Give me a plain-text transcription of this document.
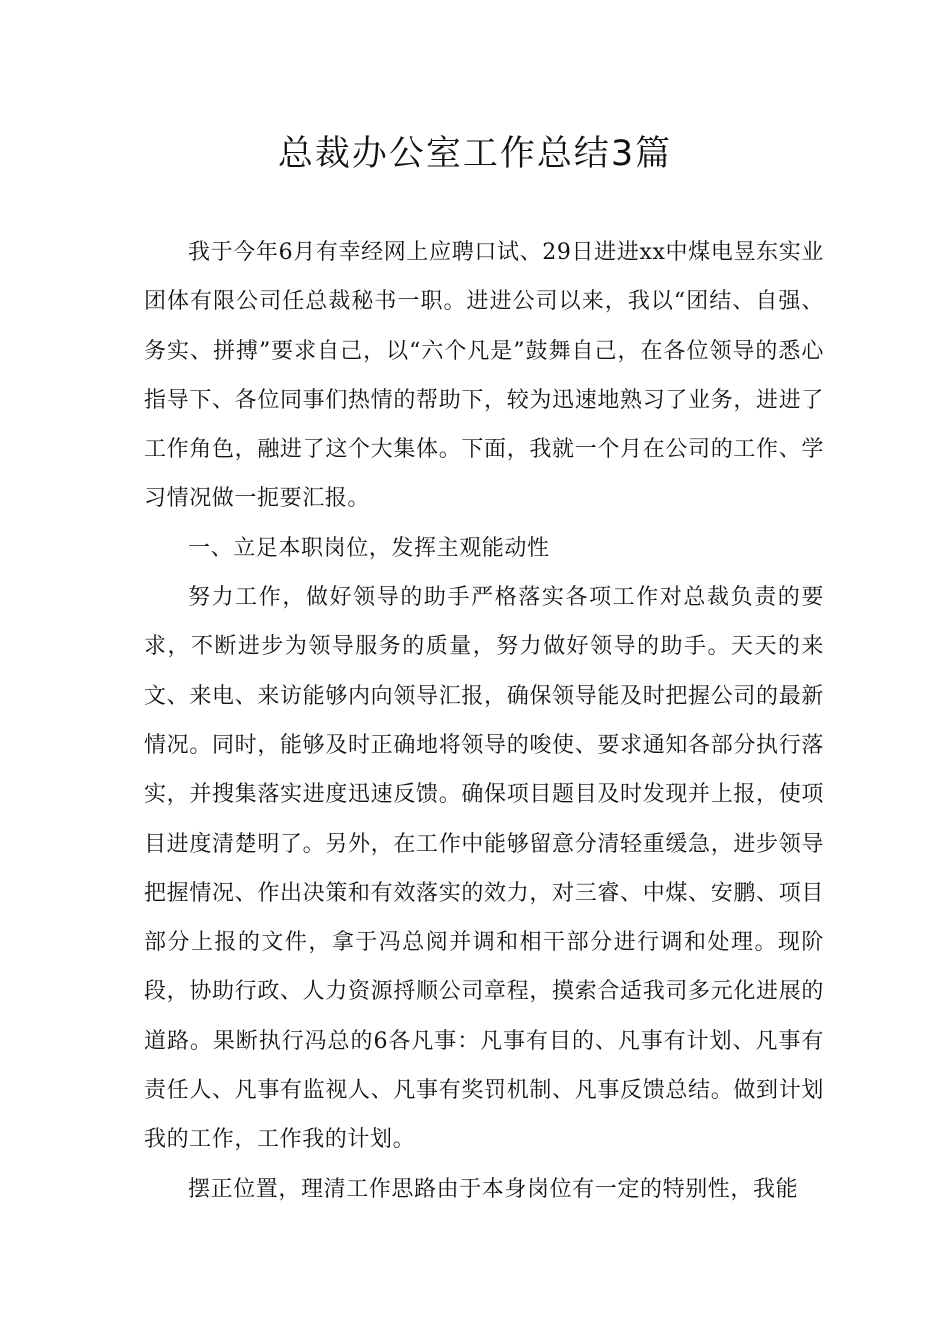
总裁办公室工作总结3篇

我于今年6月有幸经网上应聘口试、29日进进xx中煤电昱东实业团体有限公司任总裁秘书一职。进进公司以来，我以“团结、自强、务实、拼搏”要求自己，以“六个凡是”鼓舞自己，在各位领导的悉心指导下、各位同事们热情的帮助下，较为迅速地熟习了业务，进进了工作角色，融进了这个大集体。下面，我就一个月在公司的工作、学习情况做一扼要汇报。

一、立足本职岗位，发挥主观能动性

努力工作，做好领导的助手严格落实各项工作对总裁负责的要求，不断进步为领导服务的质量，努力做好领导的助手。天天的来文、来电、来访能够内向领导汇报，确保领导能及时把握公司的最新情况。同时，能够及时正确地将领导的唆使、要求通知各部分执行落实，并搜集落实进度迅速反馈。确保项目题目及时发现并上报，使项目进度清楚明了。另外，在工作中能够留意分清轻重缓急，进步领导把握情况、作出决策和有效落实的效力，对三睿、中煤、安鹏、项目部分上报的文件，拿于冯总阅并调和相干部分进行调和处理。现阶段，协助行政、人力资源捋顺公司章程，摸索合适我司多元化进展的道路。果断执行冯总的6各凡事：凡事有目的、凡事有计划、凡事有责任人、凡事有监视人、凡事有奖罚机制、凡事反馈总结。做到计划我的工作，工作我的计划。

摆正位置，理清工作思路由于本身岗位有一定的特别性，我能
